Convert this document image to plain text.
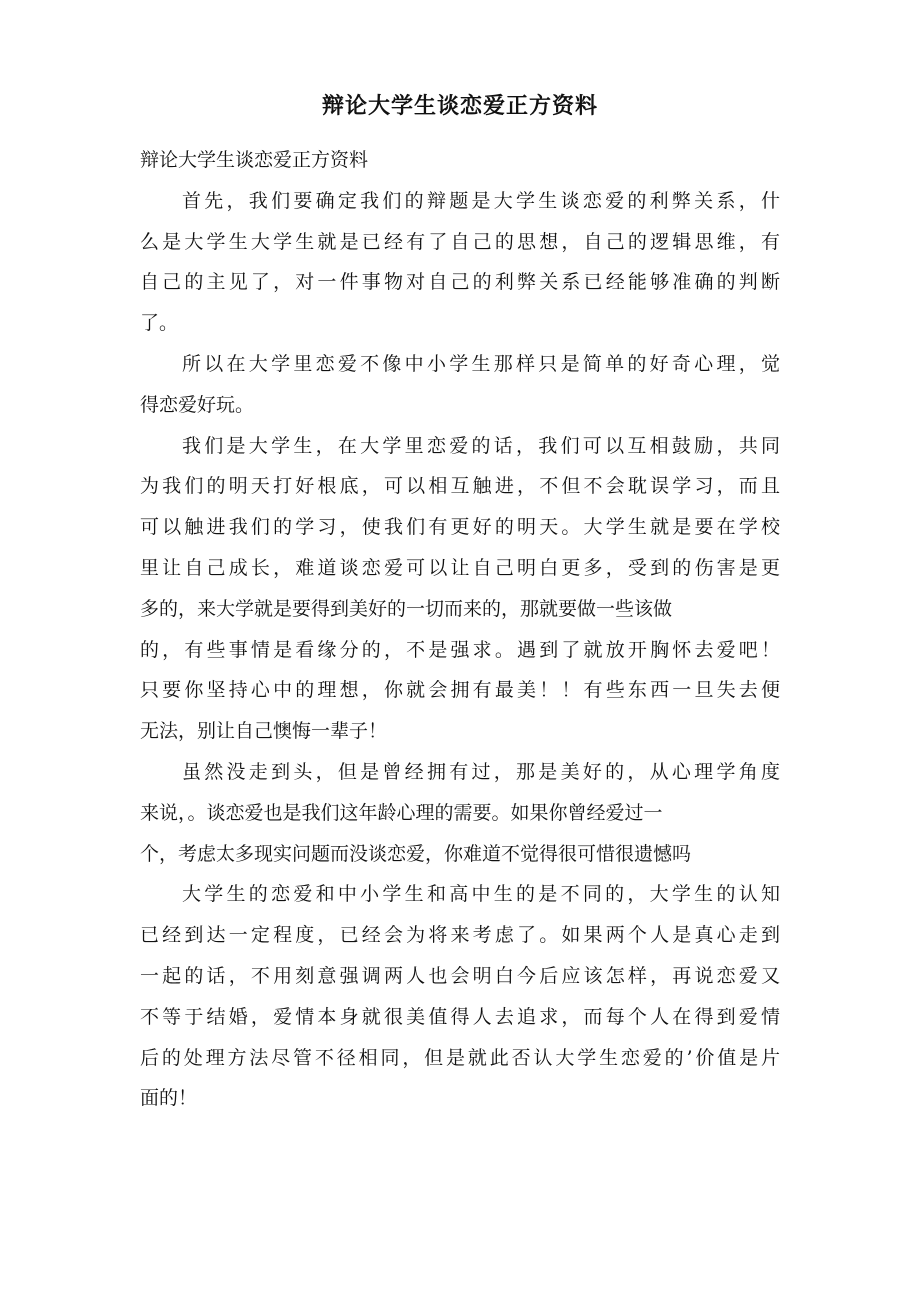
辩论大学生谈恋爱正方资料
辩论大学生谈恋爱正方资料
首先，我们要确定我们的辩题是大学生谈恋爱的利弊关系，什
么是大学生大学生就是已经有了自己的思想，自己的逻辑思维，有
自己的主见了，对一件事物对自己的利弊关系已经能够准确的判断
了。
所以在大学里恋爱不像中小学生那样只是简单的好奇心理，觉
得恋爱好玩。
我们是大学生，在大学里恋爱的话，我们可以互相鼓励，共同
为我们的明天打好根底，可以相互触进，不但不会耽误学习，而且
可以触进我们的学习，使我们有更好的明天。大学生就是要在学校
里让自己成长，难道谈恋爱可以让自己明白更多，受到的伤害是更
多的，来大学就是要得到美好的一切而来的，那就要做一些该做
的，有些事情是看缘分的，不是强求。遇到了就放开胸怀去爱吧！
只要你坚持心中的理想，你就会拥有最美！！有些东西一旦失去便
无法，别让自己懊悔一辈子！
虽然没走到头，但是曾经拥有过，那是美好的，从心理学角度
来说，。谈恋爱也是我们这年龄心理的需要。如果你曾经爱过一
个，考虑太多现实问题而没谈恋爱，你难道不觉得很可惜很遗憾吗
大学生的恋爱和中小学生和高中生的是不同的，大学生的认知
已经到达一定程度，已经会为将来考虑了。如果两个人是真心走到
一起的话，不用刻意强调两人也会明白今后应该怎样，再说恋爱又
不等于结婚，爱情本身就很美值得人去追求，而每个人在得到爱情
后的处理方法尽管不径相同，但是就此否认大学生恋爱的’价值是片
面的！
